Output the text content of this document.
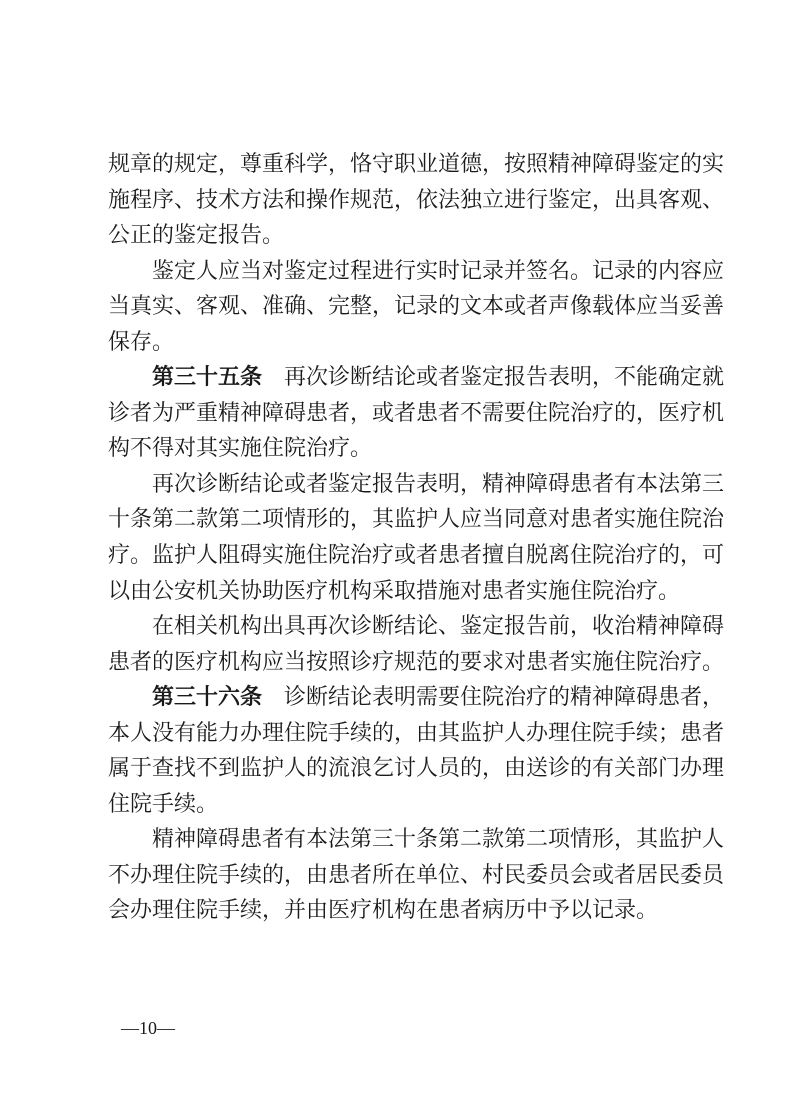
规章的规定，尊重科学，恪守职业道德，按照精神障碍鉴定的实
施程序、技术方法和操作规范，依法独立进行鉴定，出具客观、
公正的鉴定报告。
鉴定人应当对鉴定过程进行实时记录并签名。记录的内容应
当真实、客观、准确、完整，记录的文本或者声像载体应当妥善
保存。
第三十五条 再次诊断结论或者鉴定报告表明，不能确定就
诊者为严重精神障碍患者，或者患者不需要住院治疗的，医疗机
构不得对其实施住院治疗。
再次诊断结论或者鉴定报告表明，精神障碍患者有本法第三
十条第二款第二项情形的，其监护人应当同意对患者实施住院治
疗。监护人阻碍实施住院治疗或者患者擅自脱离住院治疗的，可
以由公安机关协助医疗机构采取措施对患者实施住院治疗。
在相关机构出具再次诊断结论、鉴定报告前，收治精神障碍
患者的医疗机构应当按照诊疗规范的要求对患者实施住院治疗。
第三十六条 诊断结论表明需要住院治疗的精神障碍患者，
本人没有能力办理住院手续的，由其监护人办理住院手续；患者
属于查找不到监护人的流浪乞讨人员的，由送诊的有关部门办理
住院手续。
精神障碍患者有本法第三十条第二款第二项情形，其监护人
不办理住院手续的，由患者所在单位、村民委员会或者居民委员
会办理住院手续，并由医疗机构在患者病历中予以记录。
—10—
